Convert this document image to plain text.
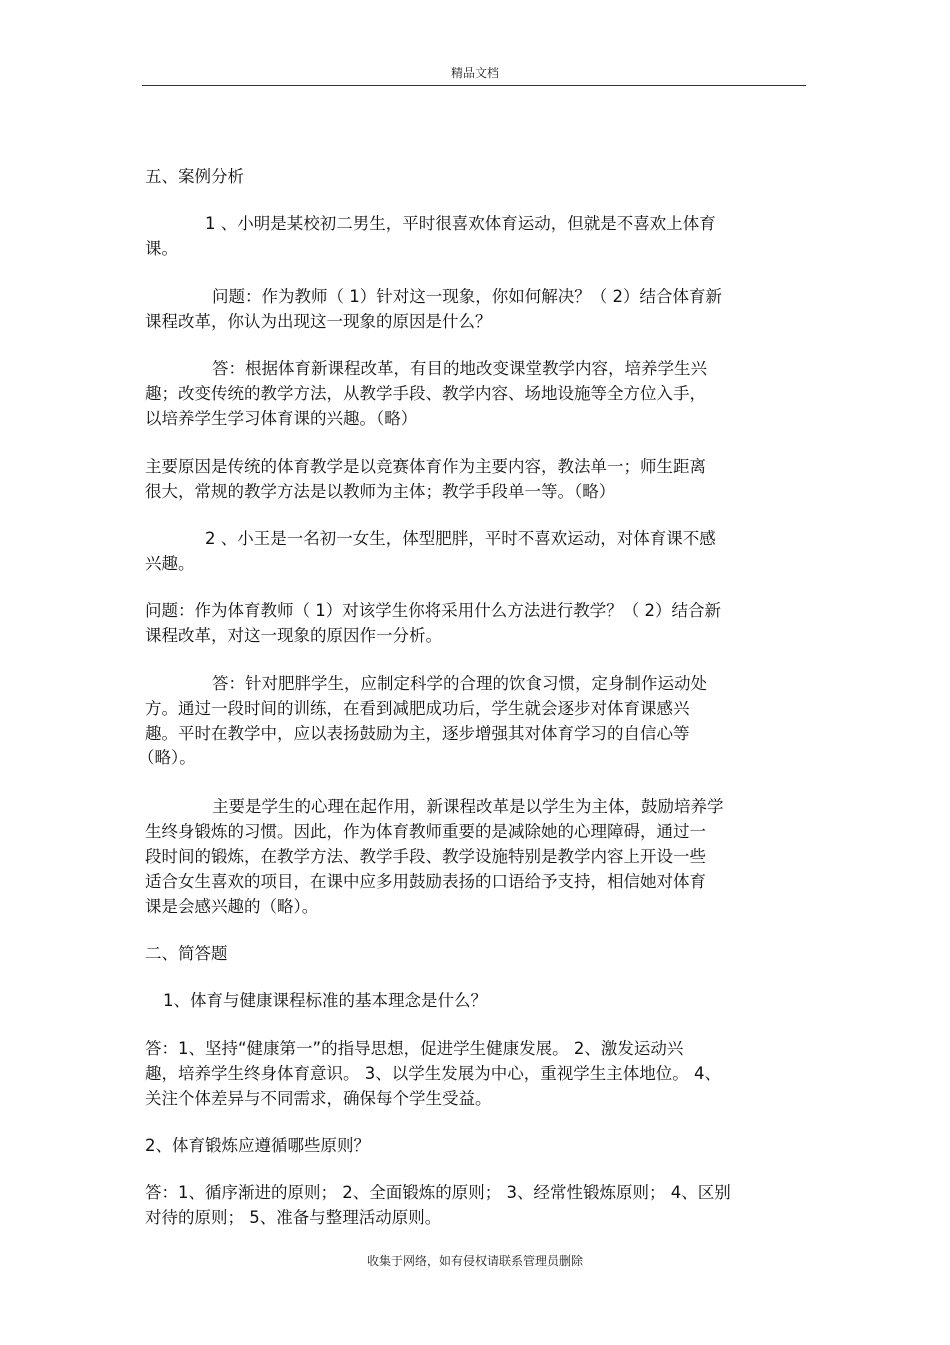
精品文档
五、案例分析
1 、小明是某校初二男生，平时很喜欢体育运动，但就是不喜欢上体育
课。
问题：作为教师（ 1）针对这一现象，你如何解决？（ 2）结合体育新
课程改革，你认为出现这一现象的原因是什么？
答：根据体育新课程改革，有目的地改变课堂教学内容，培养学生兴
趣；改变传统的教学方法，从教学手段、教学内容、场地设施等全方位入手，
以培养学生学习体育课的兴趣。（略）
主要原因是传统的体育教学是以竞赛体育作为主要内容，教法单一；师生距离
很大，常规的教学方法是以教师为主体；教学手段单一等。（略）
2 、小王是一名初一女生，体型肥胖，平时不喜欢运动，对体育课不感
兴趣。
问题：作为体育教师（ 1）对该学生你将采用什么方法进行教学？（ 2）结合新
课程改革，对这一现象的原因作一分析。
答：针对肥胖学生，应制定科学的合理的饮食习惯，定身制作运动处
方。通过一段时间的训练，在看到减肥成功后，学生就会逐步对体育课感兴
趣。平时在教学中，应以表扬鼓励为主，逐步增强其对体育学习的自信心等
（略）。
主要是学生的心理在起作用，新课程改革是以学生为主体，鼓励培养学
生终身锻炼的习惯。因此，作为体育教师重要的是减除她的心理障碍，通过一
段时间的锻炼，在教学方法、教学手段、教学设施特别是教学内容上开设一些
适合女生喜欢的项目，在课中应多用鼓励表扬的口语给予支持，相信她对体育
课是会感兴趣的（略）。
二、简答题
1、体育与健康课程标准的基本理念是什么？
答：1、坚持“健康第一”的指导思想，促进学生健康发展。 2、激发运动兴
趣，培养学生终身体育意识。 3、以学生发展为中心，重视学生主体地位。 4、
关注个体差异与不同需求，确保每个学生受益。
2、体育锻炼应遵循哪些原则？
答：1、循序渐进的原则； 2、全面锻炼的原则； 3、经常性锻炼原则； 4、区别
对待的原则； 5、准备与整理活动原则。
收集于网络，如有侵权请联系管理员删除
